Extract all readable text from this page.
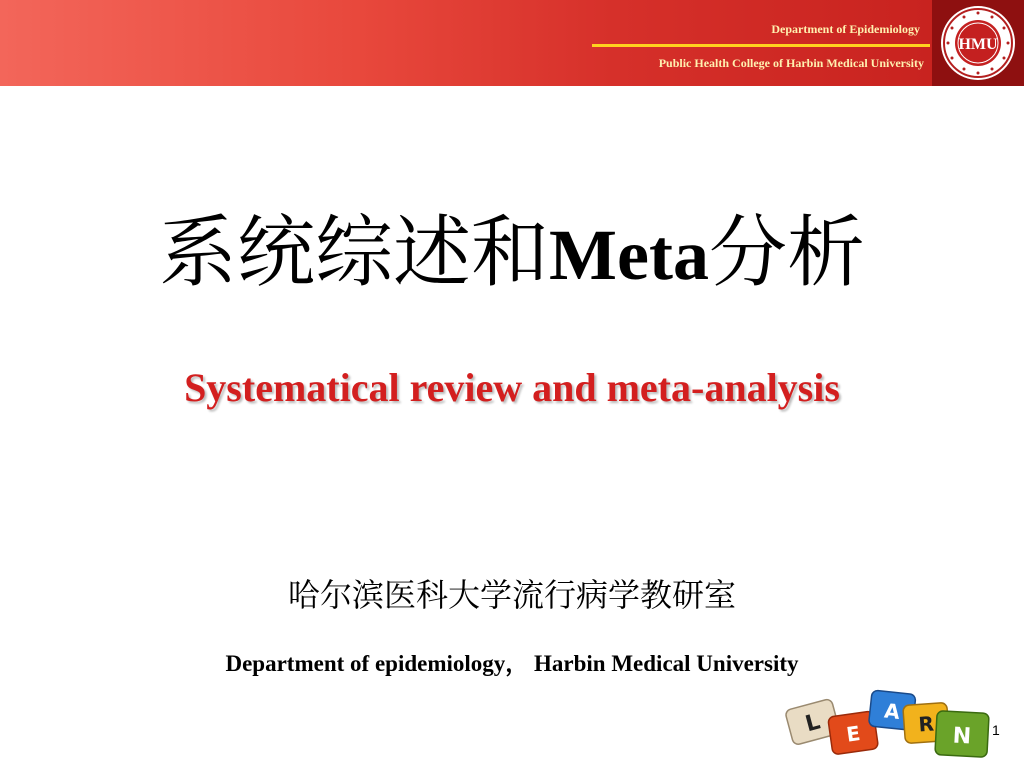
Department of Epidemiology
Public Health College of Harbin Medical University
HMU
系统综述和Meta分析
Systematical review and meta-analysis
哈尔滨医科大学流行病学教研室
Department of epidemiology， Harbin Medical University
L E
A
R N 1
